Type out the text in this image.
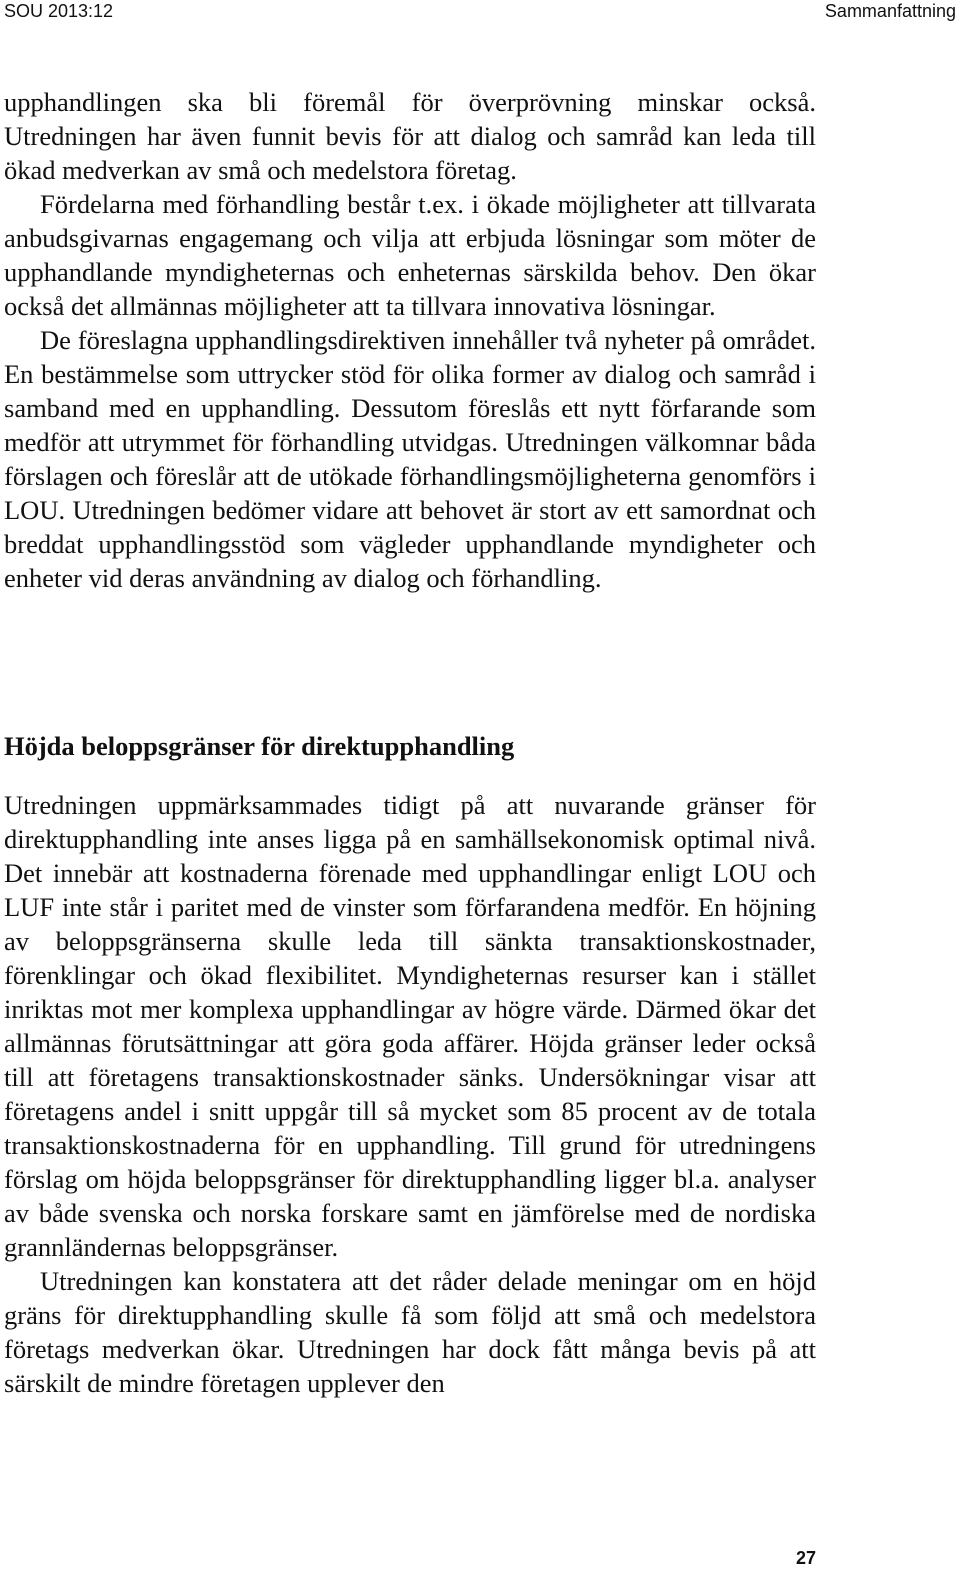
SOU 2013:12	Sammanfattning

upphandlingen ska bli föremål för överprövning minskar också. Utredningen har även funnit bevis för att dialog och samråd kan leda till ökad medverkan av små och medelstora företag.

Fördelarna med förhandling består t.ex. i ökade möjligheter att tillvarata anbudsgivarnas engagemang och vilja att erbjuda lösningar som möter de upphandlande myndigheternas och enheternas särskilda behov. Den ökar också det allmännas möjligheter att ta tillvara innovativa lösningar.

De föreslagna upphandlingsdirektiven innehåller två nyheter på området. En bestämmelse som uttrycker stöd för olika former av dialog och samråd i samband med en upphandling. Dessutom föreslås ett nytt förfarande som medför att utrymmet för förhandling utvidgas. Utredningen välkomnar båda förslagen och föreslår att de utökade förhandlingsmöjligheterna genomförs i LOU. Utredningen bedömer vidare att behovet är stort av ett samordnat och breddat upphandlingsstöd som vägleder upphandlande myndigheter och enheter vid deras användning av dialog och förhandling.

Höjda beloppsgränser för direktupphandling

Utredningen uppmärksammades tidigt på att nuvarande gränser för direktupphandling inte anses ligga på en samhällsekonomisk optimal nivå. Det innebär att kostnaderna förenade med upphandlingar enligt LOU och LUF inte står i paritet med de vinster som förfarandena medför. En höjning av beloppsgränserna skulle leda till sänkta transaktionskostnader, förenklingar och ökad flexibilitet. Myndigheternas resurser kan i stället inriktas mot mer komplexa upphandlingar av högre värde. Därmed ökar det allmännas förutsättningar att göra goda affärer. Höjda gränser leder också till att företagens transaktionskostnader sänks. Undersökningar visar att företagens andel i snitt uppgår till så mycket som 85 procent av de totala transaktionskostnaderna för en upphandling. Till grund för utredningens förslag om höjda beloppsgränser för direktupphandling ligger bl.a. analyser av både svenska och norska forskare samt en jämförelse med de nordiska grannländernas beloppsgränser.

Utredningen kan konstatera att det råder delade meningar om en höjd gräns för direktupphandling skulle få som följd att små och medelstora företags medverkan ökar. Utredningen har dock fått många bevis på att särskilt de mindre företagen upplever den

27
